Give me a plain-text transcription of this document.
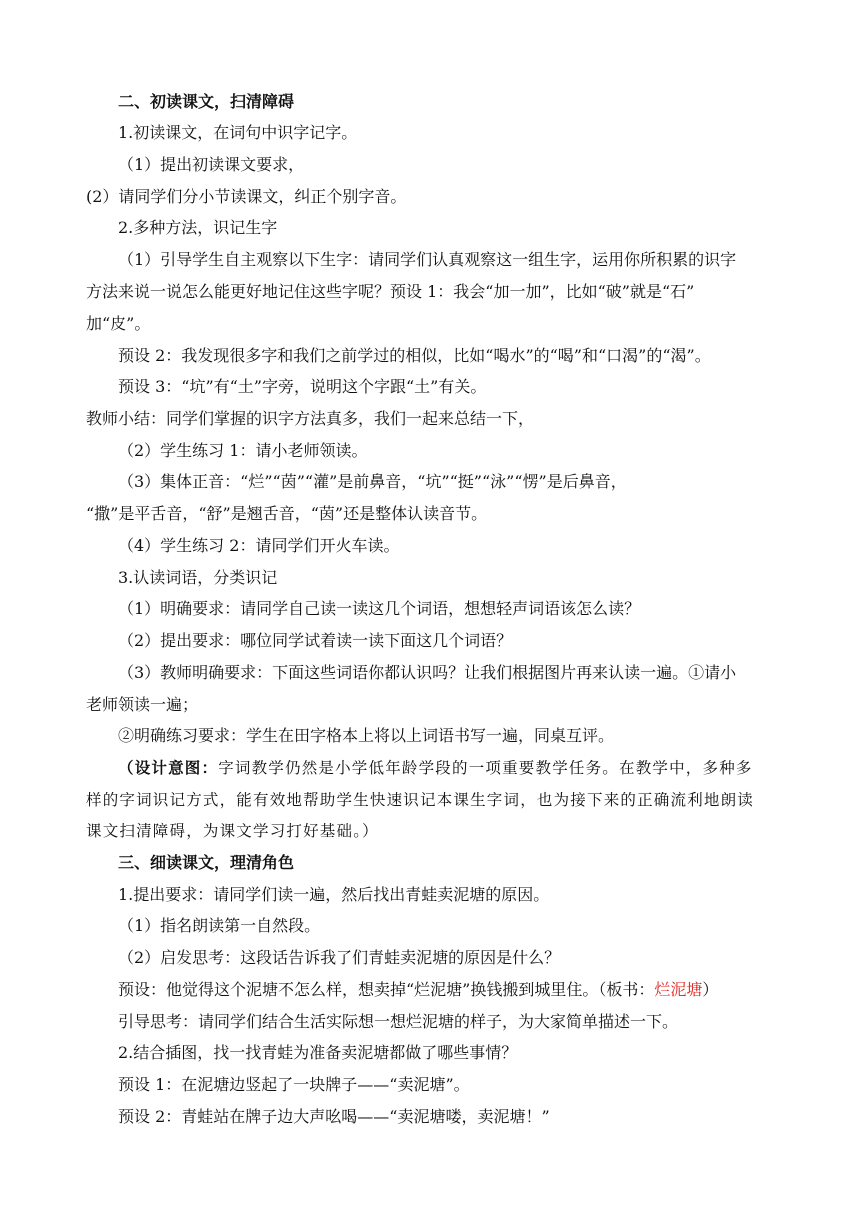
二、初读课文，扫清障碍
1.初读课文，在词句中识字记字。
（1）提出初读课文要求，
(2）请同学们分小节读课文，纠正个别字音。
2.多种方法，识记生字
（1）引导学生自主观察以下生字：请同学们认真观察这一组生字，运用你所积累的识字
方法来说一说怎么能更好地记住这些字呢？预设 1：我会“加一加”，比如“破”就是“石”
加“皮”。
预设 2：我发现很多字和我们之前学过的相似，比如“喝水”的“喝”和“口渴”的“渴”。
预设 3：“坑”有“土”字旁，说明这个字跟“土”有关。
教师小结：同学们掌握的识字方法真多，我们一起来总结一下，
（2）学生练习 1：请小老师领读。
（3）集体正音：“烂”“茵”“灌”是前鼻音，“坑”“挺”“泳”“愣”是后鼻音，
“撒”是平舌音，“舒”是翘舌音，“茵”还是整体认读音节。
（4）学生练习 2：请同学们开火车读。
3.认读词语，分类识记
（1）明确要求：请同学自己读一读这几个词语，想想轻声词语该怎么读？
（2）提出要求：哪位同学试着读一读下面这几个词语？
（3）教师明确要求：下面这些词语你都认识吗？让我们根据图片再来认读一遍。①请小
老师领读一遍；
②明确练习要求：学生在田字格本上将以上词语书写一遍，同桌互评。
（设计意图：字词教学仍然是小学低年龄学段的一项重要教学任务。在教学中，多种多
样的字词识记方式，能有效地帮助学生快速识记本课生字词，也为接下来的正确流利地朗读
课文扫清障碍，为课文学习打好基础。）
三、细读课文，理清角色
1.提出要求：请同学们读一遍，然后找出青蛙卖泥塘的原因。
（1）指名朗读第一自然段。
（2）启发思考：这段话告诉我了们青蛙卖泥塘的原因是什么？
预设：他觉得这个泥塘不怎么样，想卖掉“烂泥塘”换钱搬到城里住。（板书：烂泥塘）
引导思考：请同学们结合生活实际想一想烂泥塘的样子，为大家简单描述一下。
2.结合插图，找一找青蛙为准备卖泥塘都做了哪些事情？
预设 1：在泥塘边竖起了一块牌子——“卖泥塘”。
预设 2：青蛙站在牌子边大声吆喝——“卖泥塘喽，卖泥塘！”
